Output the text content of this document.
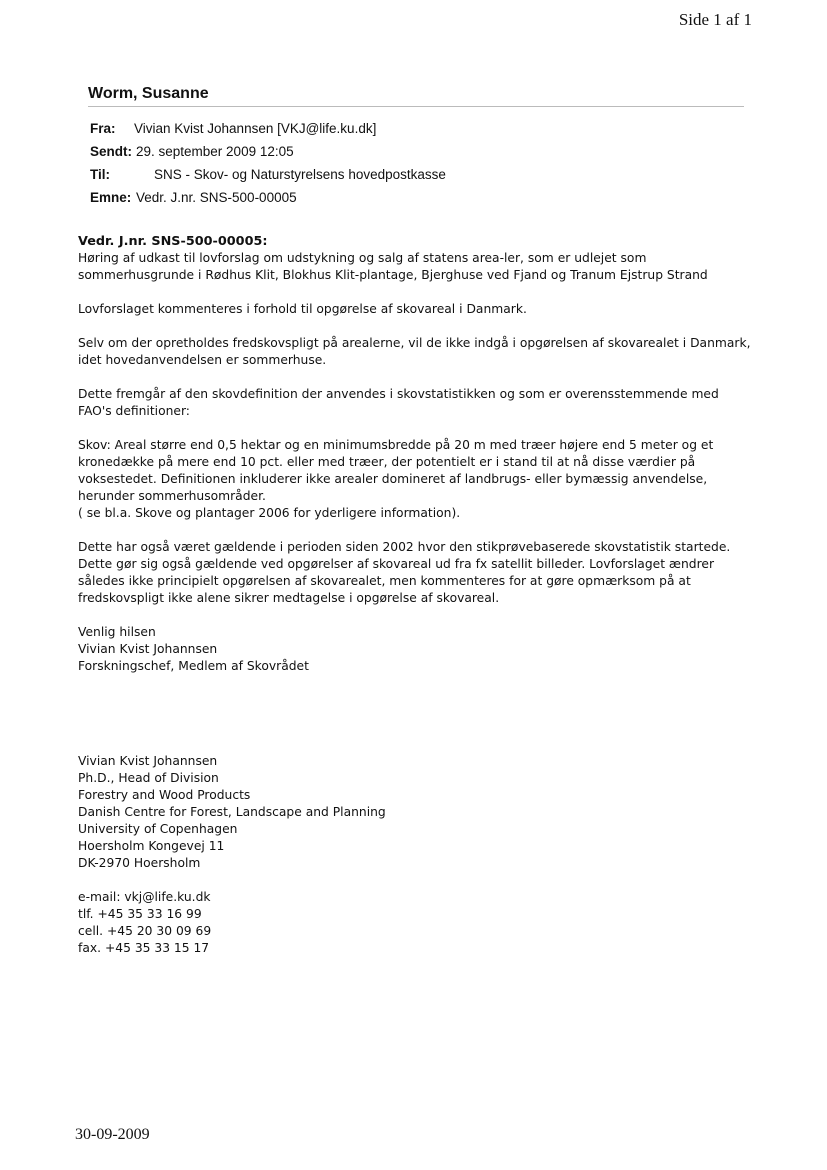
Side 1 af 1
Worm, Susanne
Fra:	Vivian Kvist Johannsen [VKJ@life.ku.dk]
Sendt: 29. september 2009 12:05
Til:	SNS - Skov- og Naturstyrelsens hovedpostkasse
Emne: Vedr. J.nr. SNS-500-00005

Vedr. J.nr. SNS-500-00005:
Høring af udkast til lovforslag om udstykning og salg af statens area-ler, som er udlejet som
sommerhusgrunde i Rødhus Klit, Blokhus Klit-plantage, Bjerghuse ved Fjand og Tranum Ejstrup Strand

Lovforslaget kommenteres i forhold til opgørelse af skovareal i Danmark.

Selv om der opretholdes fredskovspligt på arealerne, vil de ikke indgå i opgørelsen af skovarealet i Danmark,
idet hovedanvendelsen er sommerhuse.

Dette fremgår af den skovdefinition der anvendes i skovstatistikken og som er overensstemmende med
FAO's definitioner:

Skov: Areal større end 0,5 hektar og en minimumsbredde på 20 m med træer højere end 5 meter og et
kronedække på mere end 10 pct. eller med træer, der potentielt er i stand til at nå disse værdier på
voksestedet. Definitionen inkluderer ikke arealer domineret af landbrugs- eller bymæssig anvendelse,
herunder sommerhusområder.
( se bl.a. Skove og plantager 2006 for yderligere information).

Dette har også været gældende i perioden siden 2002 hvor den stikprøvebaserede skovstatistik startede.
Dette gør sig også gældende ved opgørelser af skovareal ud fra fx satellit billeder. Lovforslaget ændrer
således ikke principielt opgørelsen af skovarealet, men kommenteres for at gøre opmærksom på at
fredskovspligt ikke alene sikrer medtagelse i opgørelse af skovareal.

Venlig hilsen
Vivian Kvist Johannsen
Forskningschef, Medlem af Skovrådet

Vivian Kvist Johannsen
Ph.D., Head of Division
Forestry and Wood Products
Danish Centre for Forest, Landscape and Planning
University of Copenhagen
Hoersholm Kongevej 11
DK-2970 Hoersholm
e-mail: vkj@life.ku.dk
tlf. +45 35 33 16 99
cell. +45 20 30 09 69
fax. +45 35 33 15 17
30-09-2009
